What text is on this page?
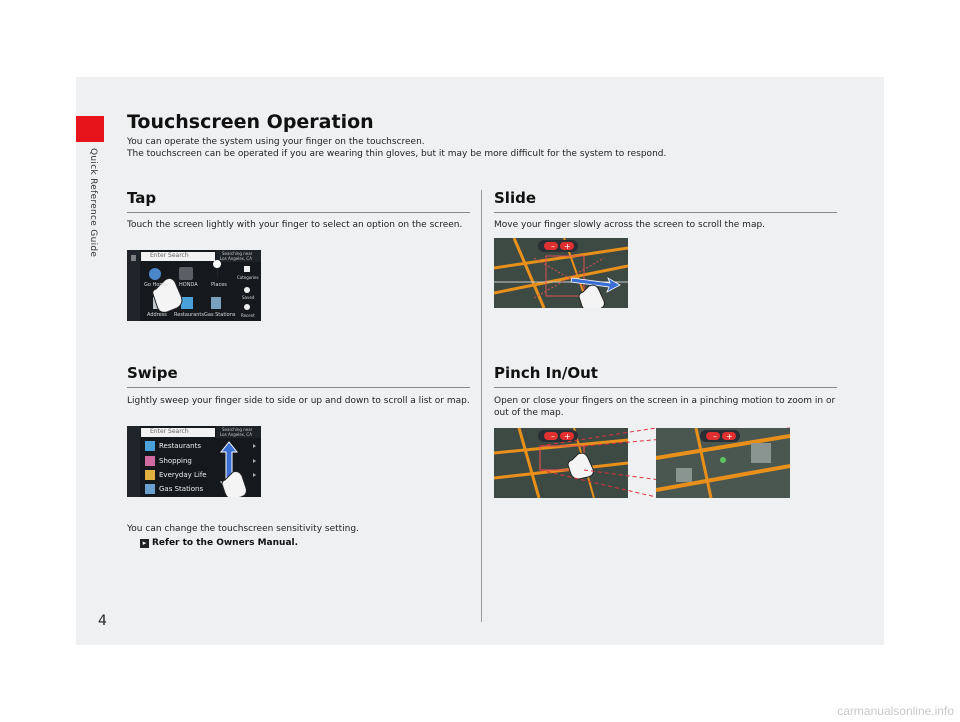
Quick Reference Guide
4
Touchscreen Operation
You can operate the system using your finger on the touchscreen.
The touchscreen can be operated if you are wearing thin gloves, but it may be more difficult for the system to respond.
Tap
Touch the screen lightly with your finger to select an option on the screen.
Enter Search	Searching near
Los Angeles, CA
Go Home HONDA	Places
Address Restaurants Gas Stations
Categories
Saved
Recent
Swipe
Lightly sweep your finger side to side or up and down to scroll a list or map.
Enter Search	Searching near
Los Angeles, CA
Restaurants
Shopping
Everyday Life
Gas Stations
You can change the touchscreen sensitivity setting.
▸ Refer to the Owners Manual.
Slide
Move your finger slowly across the screen to scroll the map.
– +
Pinch In/Out
Open or close your fingers on the screen in a pinching motion to zoom in or out of the map.
– +	– +
carmanualsonline.info
